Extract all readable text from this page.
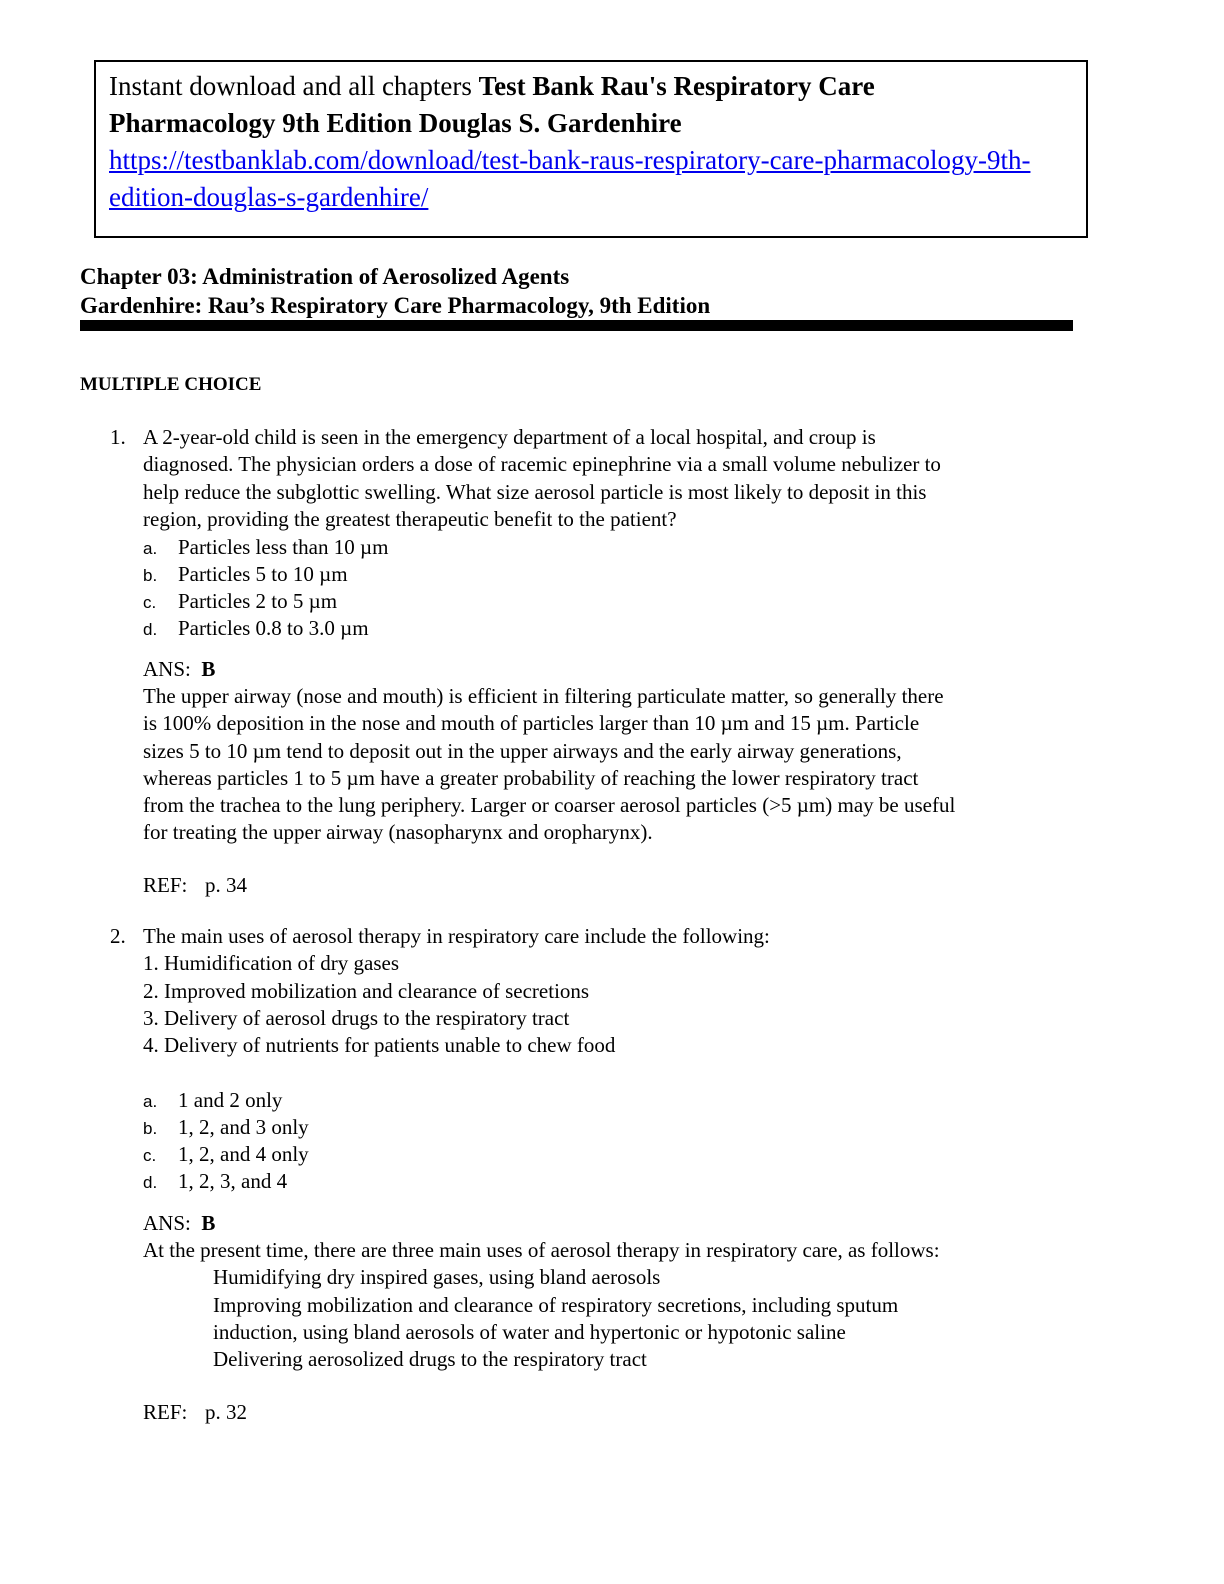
Instant download and all chapters Test Bank Rau's Respiratory Care
Pharmacology 9th Edition Douglas S. Gardenhire
https://testbanklab.com/download/test-bank-raus-respiratory-care-pharmacology-9th-
edition-douglas-s-gardenhire/
Chapter 03: Administration of Aerosolized Agents
Gardenhire: Rau’s Respiratory Care Pharmacology, 9th Edition
MULTIPLE CHOICE
1. A 2-year-old child is seen in the emergency department of a local hospital, and croup is
diagnosed. The physician orders a dose of racemic epinephrine via a small volume nebulizer to
help reduce the subglottic swelling. What size aerosol particle is most likely to deposit in this
region, providing the greatest therapeutic benefit to the patient?
a. Particles less than 10 µm
b. Particles 5 to 10 µm
c. Particles 2 to 5 µm
d. Particles 0.8 to 3.0 µm
ANS: B
The upper airway (nose and mouth) is efficient in filtering particulate matter, so generally there
is 100% deposition in the nose and mouth of particles larger than 10 µm and 15 µm. Particle
sizes 5 to 10 µm tend to deposit out in the upper airways and the early airway generations,
whereas particles 1 to 5 µm have a greater probability of reaching the lower respiratory tract
from the trachea to the lung periphery. Larger or coarser aerosol particles (>5 µm) may be useful
for treating the upper airway (nasopharynx and oropharynx).
REF: p. 34
2. The main uses of aerosol therapy in respiratory care include the following:
1. Humidification of dry gases
2. Improved mobilization and clearance of secretions
3. Delivery of aerosol drugs to the respiratory tract
4. Delivery of nutrients for patients unable to chew food
a. 1 and 2 only
b. 1, 2, and 3 only
c. 1, 2, and 4 only
d. 1, 2, 3, and 4
ANS: B
At the present time, there are three main uses of aerosol therapy in respiratory care, as follows:
Humidifying dry inspired gases, using bland aerosols
Improving mobilization and clearance of respiratory secretions, including sputum
induction, using bland aerosols of water and hypertonic or hypotonic saline
Delivering aerosolized drugs to the respiratory tract
REF: p. 32
